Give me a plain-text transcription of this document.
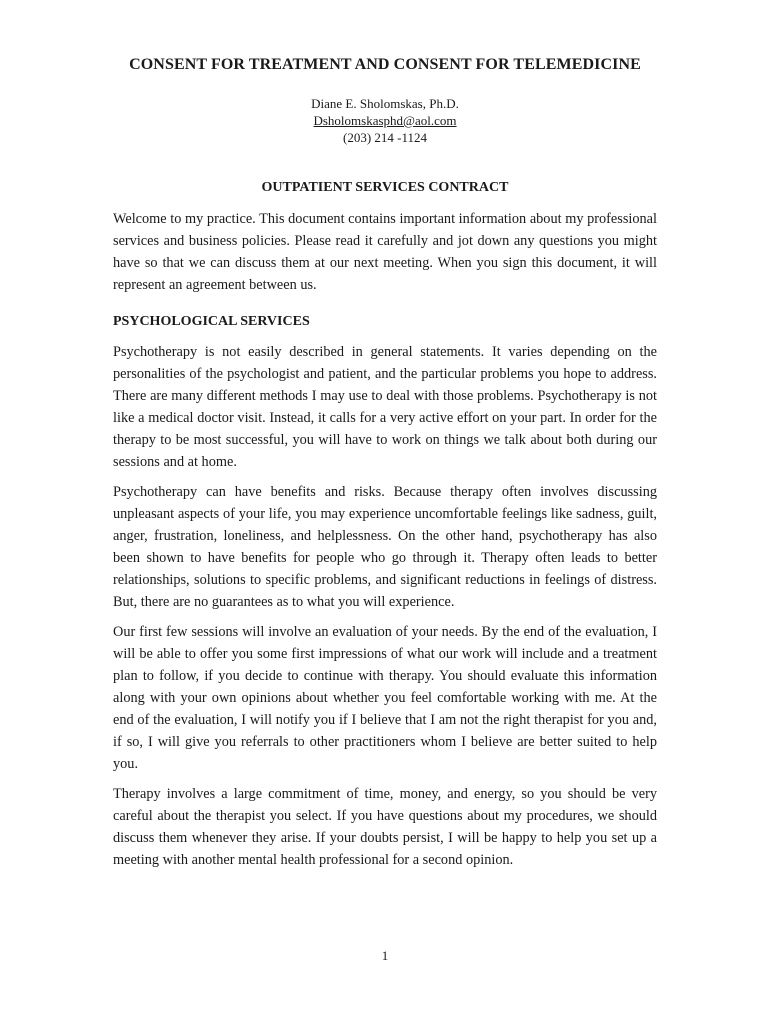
CONSENT FOR TREATMENT AND CONSENT FOR TELEMEDICINE
Diane E. Sholomskas, Ph.D.
Dsholomskasphd@aol.com
(203) 214 -1124
OUTPATIENT SERVICES CONTRACT

Welcome to my practice. This document contains important information about my professional services and business policies. Please read it carefully and jot down any questions you might have so that we can discuss them at our next meeting. When you sign this document, it will represent an agreement between us.

PSYCHOLOGICAL SERVICES

Psychotherapy is not easily described in general statements. It varies depending on the personalities of the psychologist and patient, and the particular problems you hope to address. There are many different methods I may use to deal with those problems. Psychotherapy is not like a medical doctor visit. Instead, it calls for a very active effort on your part. In order for the therapy to be most successful, you will have to work on things we talk about both during our sessions and at home.

Psychotherapy can have benefits and risks. Because therapy often involves discussing unpleasant aspects of your life, you may experience uncomfortable feelings like sadness, guilt, anger, frustration, loneliness, and helplessness. On the other hand, psychotherapy has also been shown to have benefits for people who go through it. Therapy often leads to better relationships, solutions to specific problems, and significant reductions in feelings of distress. But, there are no guarantees as to what you will experience.

Our first few sessions will involve an evaluation of your needs. By the end of the evaluation, I will be able to offer you some first impressions of what our work will include and a treatment plan to follow, if you decide to continue with therapy. You should evaluate this information along with your own opinions about whether you feel comfortable working with me. At the end of the evaluation, I will notify you if I believe that I am not the right therapist for you and, if so, I will give you referrals to other practitioners whom I believe are better suited to help you.

Therapy involves a large commitment of time, money, and energy, so you should be very careful about the therapist you select. If you have questions about my procedures, we should discuss them whenever they arise. If your doubts persist, I will be happy to help you set up a meeting with another mental health professional for a second opinion.

1
